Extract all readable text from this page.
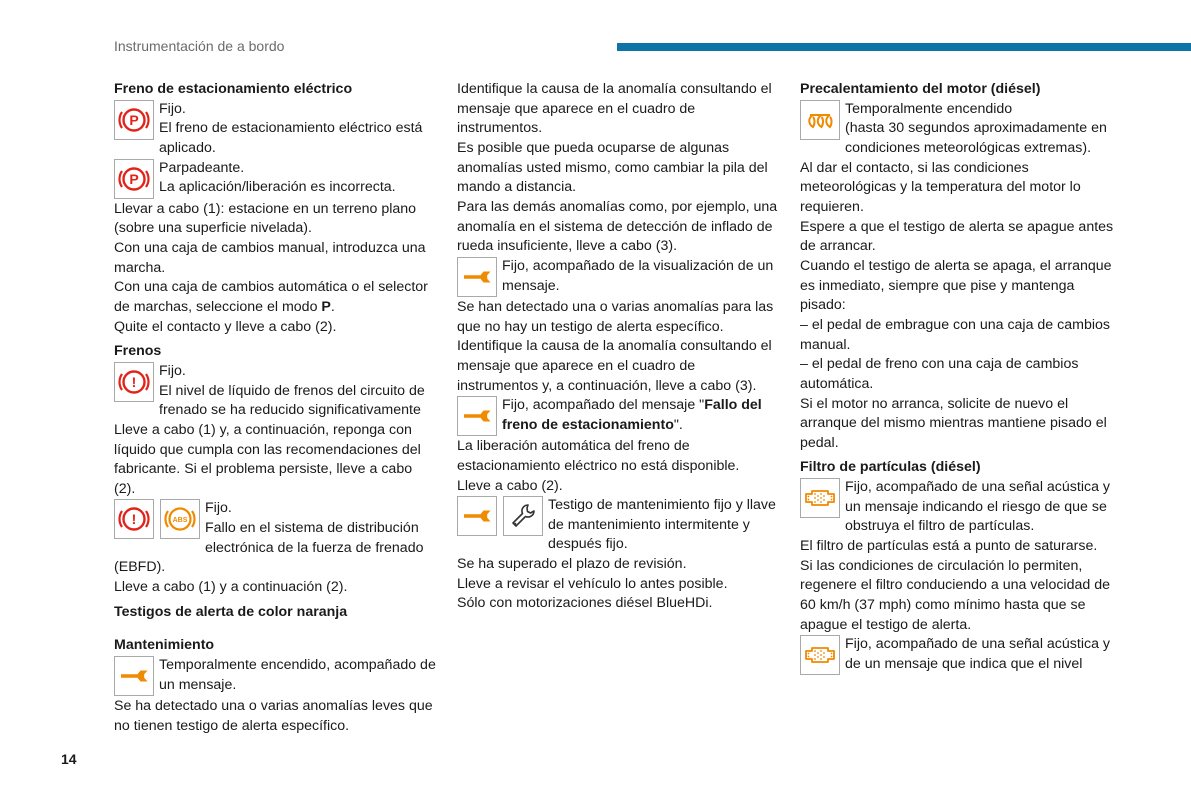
Instrumentación de a bordo
Freno de estacionamiento eléctrico
P

Fijo.

El freno de estacionamiento eléctrico está aplicado.

P

Parpadeante.

La aplicación/liberación es incorrecta.

Llevar a cabo (1): estacione en un terreno plano (sobre una superficie nivelada).

Con una caja de cambios manual, introduzca una marcha.

Con una caja de cambios automática o el selector de marchas, seleccione el modo P.

Quite el contacto y lleve a cabo (2).

Frenos
!

Fijo.

El nivel de líquido de frenos del circuito de frenado se ha reducido significativamente

Lleve a cabo (1) y, a continuación, reponga con líquido que cumpla con las recomendaciones del fabricante. Si el problema persiste, lleve a cabo (2).

!	ABS

Fijo.

Fallo en el sistema de distribución electrónica de la fuerza de frenado (EBFD).

Lleve a cabo (1) y a continuación (2).

Testigos de alerta de color naranja
Mantenimiento

Temporalmente encendido, acompañado de un mensaje.

Se ha detectado una o varias anomalías leves que no tienen testigo de alerta específico.

Identifique la causa de la anomalía consultando el mensaje que aparece en el cuadro de instrumentos.

Es posible que pueda ocuparse de algunas anomalías usted mismo, como cambiar la pila del mando a distancia.

Para las demás anomalías como, por ejemplo, una anomalía en el sistema de detección de inflado de rueda insuficiente, lleve a cabo (3).

Fijo, acompañado de la visualización de un mensaje.

Se han detectado una o varias anomalías para las que no hay un testigo de alerta específico.

Identifique la causa de la anomalía consultando el mensaje que aparece en el cuadro de instrumentos y, a continuación, lleve a cabo (3).

Fijo, acompañado del mensaje "Fallo del freno de estacionamiento".

La liberación automática del freno de estacionamiento eléctrico no está disponible.

Lleve a cabo (2).

Testigo de mantenimiento fijo y llave de mantenimiento intermitente y después fijo.

Se ha superado el plazo de revisión.

Lleve a revisar el vehículo lo antes posible.

Sólo con motorizaciones diésel BlueHDi.

Precalentamiento del motor (diésel)

Temporalmente encendido

(hasta 30 segundos aproximadamente en condiciones meteorológicas extremas).

Al dar el contacto, si las condiciones meteorológicas y la temperatura del motor lo requieren.

Espere a que el testigo de alerta se apague antes de arrancar.

Cuando el testigo de alerta se apaga, el arranque es inmediato, siempre que pise y mantenga pisado:

– el pedal de embrague con una caja de cambios manual.

– el pedal de freno con una caja de cambios automática.

Si el motor no arranca, solicite de nuevo el arranque del mismo mientras mantiene pisado el pedal.

Filtro de partículas (diésel)

Fijo, acompañado de una señal acústica y un mensaje indicando el riesgo de que se obstruya el filtro de partículas.

El filtro de partículas está a punto de saturarse.

Si las condiciones de circulación lo permiten, regenere el filtro conduciendo a una velocidad de 60 km/h (37 mph) como mínimo hasta que se apague el testigo de alerta.

Fijo, acompañado de una señal acústica y de un mensaje que indica que el nivel

14
